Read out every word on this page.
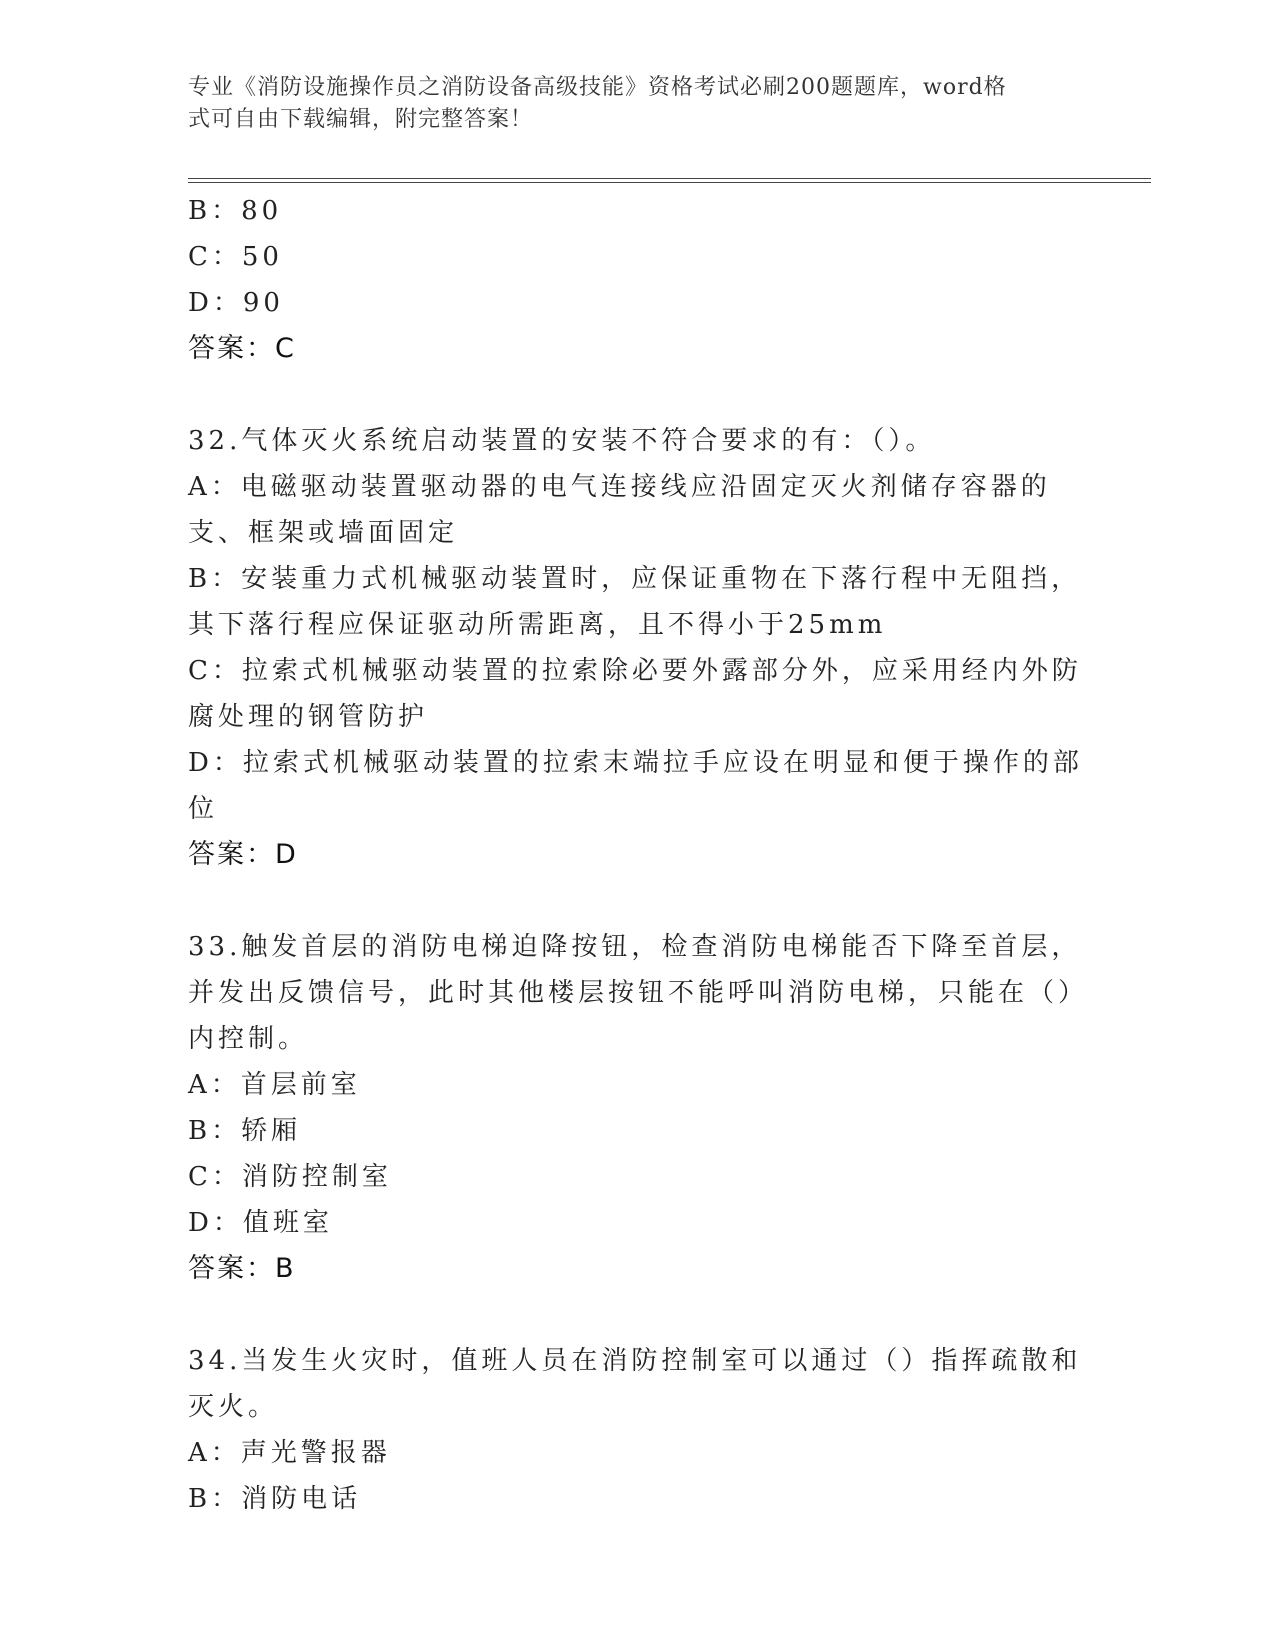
专业《消防设施操作员之消防设备高级技能》资格考试必刷200题题库，word格
式可自由下载编辑，附完整答案！
B：80
C：50
D：90
答案：C
32.气体灭火系统启动装置的安装不符合要求的有：（）。
A：电磁驱动装置驱动器的电气连接线应沿固定灭火剂储存容器的支、框架或墙面固定
B：安装重力式机械驱动装置时，应保证重物在下落行程中无阻挡，其下落行程应保证驱动所需距离，且不得小于25mm
C：拉索式机械驱动装置的拉索除必要外露部分外，应采用经内外防腐处理的钢管防护
D：拉索式机械驱动装置的拉索末端拉手应设在明显和便于操作的部位
答案：D
33.触发首层的消防电梯迫降按钮，检查消防电梯能否下降至首层，并发出反馈信号，此时其他楼层按钮不能呼叫消防电梯，只能在（）内控制。
A：首层前室
B：轿厢
C：消防控制室
D：值班室
答案：B
34.当发生火灾时，值班人员在消防控制室可以通过（）指挥疏散和灭火。
A：声光警报器
B：消防电话
